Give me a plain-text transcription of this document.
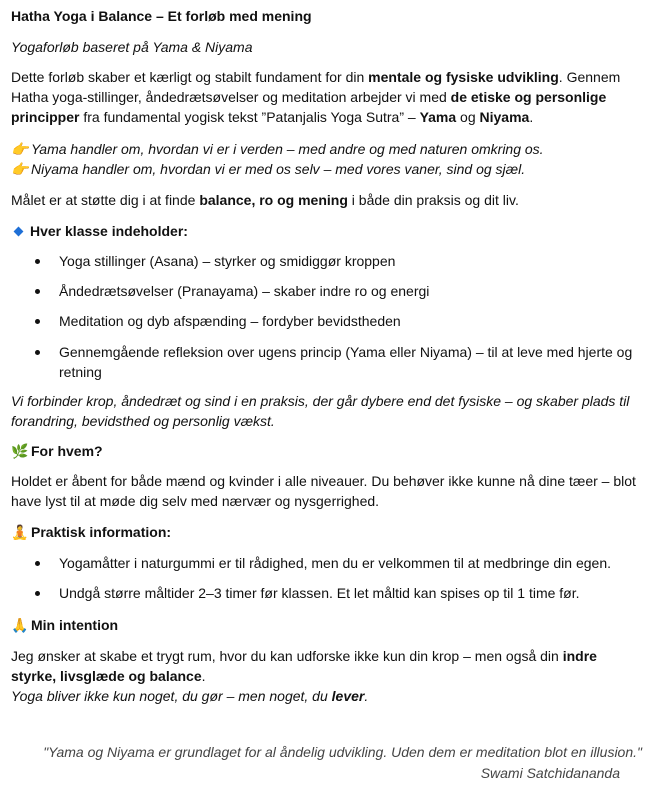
Hatha Yoga i Balance – Et forløb med mening
Yogaforløb baseret på Yama & Niyama
Dette forløb skaber et kærligt og stabilt fundament for din mentale og fysiske udvikling. Gennem Hatha yoga-stillinger, åndedrætsøvelser og meditation arbejder vi med de etiske og personlige principper fra fundamental yogisk tekst ”Patanjalis Yoga Sutra” – Yama og Niyama.
👉 Yama handler om, hvordan vi er i verden – med andre og med naturen omkring os.
👉 Niyama handler om, hvordan vi er med os selv – med vores vaner, sind og sjæl.
Målet er at støtte dig i at finde balance, ro og mening i både din praksis og dit liv.
Hver klasse indeholder:
Yoga stillinger (Asana) – styrker og smidiggør kroppen
Åndedrætsøvelser (Pranayama) – skaber indre ro og energi
Meditation og dyb afspænding – fordyber bevidstheden
Gennemgående refleksion over ugens princip (Yama eller Niyama) – til at leve med hjerte og retning
Vi forbinder krop, åndedræt og sind i en praksis, der går dybere end det fysiske – og skaber plads til forandring, bevidsthed og personlig vækst.
🌿 For hvem?
Holdet er åbent for både mænd og kvinder i alle niveauer. Du behøver ikke kunne nå dine tæer – blot have lyst til at møde dig selv med nærvær og nysgerrighed.
🧘 Praktisk information:
Yogamåtter i naturgummi er til rådighed, men du er velkommen til at medbringe din egen.
Undgå større måltider 2–3 timer før klassen. Et let måltid kan spises op til 1 time før.
🙏 Min intention
Jeg ønsker at skabe et trygt rum, hvor du kan udforske ikke kun din krop – men også din indre styrke, livsglæde og balance.
Yoga bliver ikke kun noget, du gør – men noget, du lever.
"Yama og Niyama er grundlaget for al åndelig udvikling. Uden dem er meditation blot en illusion."
Swami Satchidananda
